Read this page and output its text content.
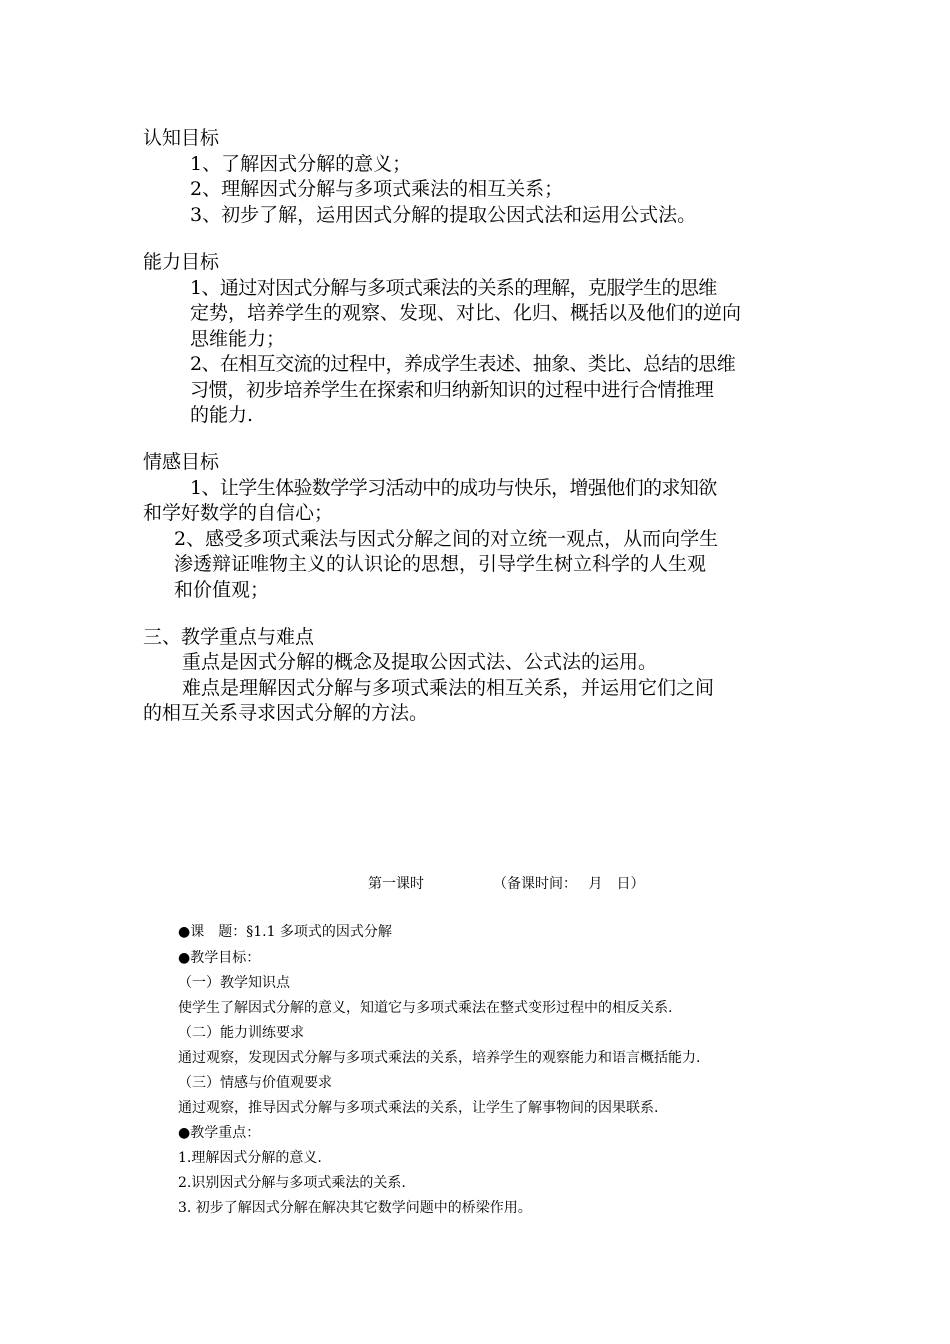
认知目标
1、了解因式分解的意义；
2、理解因式分解与多项式乘法的相互关系；
3、初步了解，运用因式分解的提取公因式法和运用公式法。
能力目标
1、通过对因式分解与多项式乘法的关系的理解，克服学生的思维
定势，培养学生的观察、发现、对比、化归、概括以及他们的逆向
思维能力；
2、在相互交流的过程中，养成学生表述、抽象、类比、总结的思维
习惯，初步培养学生在探索和归纳新知识的过程中进行合情推理
的能力.
情感目标
1、让学生体验数学学习活动中的成功与快乐，增强他们的求知欲
和学好数学的自信心；
2、感受多项式乘法与因式分解之间的对立统一观点，从而向学生
渗透辩证唯物主义的认识论的思想，引导学生树立科学的人生观
和价值观；
三、教学重点与难点
重点是因式分解的概念及提取公因式法、公式法的运用。
难点是理解因式分解与多项式乘法的相互关系，并运用它们之间
的相互关系寻求因式分解的方法。
第一课时	（备课时间：　 月　日）
●课　题：§1.1 多项式的因式分解
●教学目标：
（一）教学知识点
使学生了解因式分解的意义，知道它与多项式乘法在整式变形过程中的相反关系.
（二）能力训练要求
通过观察，发现因式分解与多项式乘法的关系，培养学生的观察能力和语言概括能力.
（三）情感与价值观要求
通过观察，推导因式分解与多项式乘法的关系，让学生了解事物间的因果联系.
●教学重点：
1.理解因式分解的意义.
2.识别因式分解与多项式乘法的关系.
3. 初步了解因式分解在解决其它数学问题中的桥梁作用。
